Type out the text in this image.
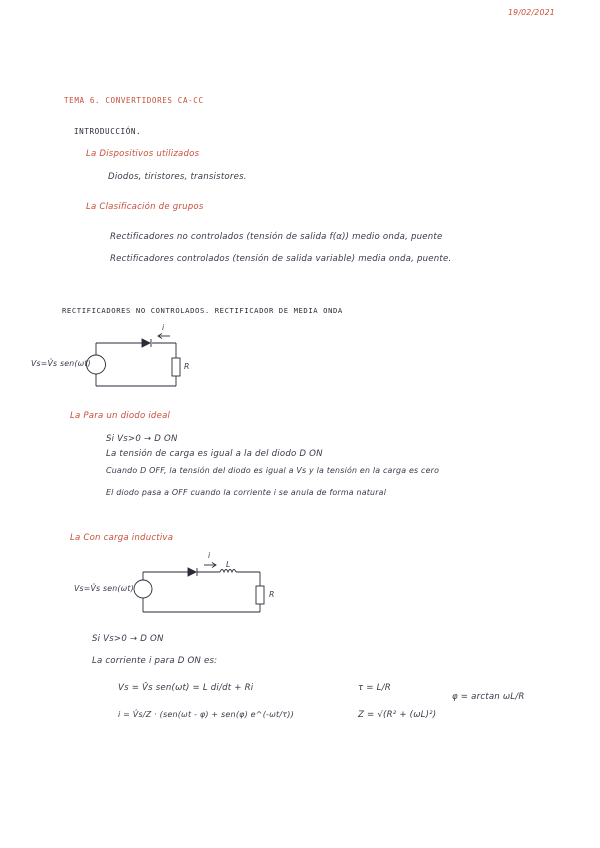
19/02/2021
TEMA 6. CONVERTIDORES CA-CC
INTRODUCCIÓN.
La Dispositivos utilizados
Diodos, tiristores, transistores.
La Clasificación de grupos
Rectificadores no controlados (tensión de salida f(α)) medio onda, puente
Rectificadores controlados (tensión de salida variable) media onda, puente.
RECTIFICADORES NO CONTROLADOS. RECTIFICADOR DE MEDIA ONDA
Vs=V̂s sen(ωt)
i
R
La Para un diodo ideal
Si Vs>0 → D ON
La tensión de carga es igual a la del diodo D ON
Cuando D OFF, la tensión del diodo es igual a Vs y la tensión en la carga es cero
El diodo pasa a OFF cuando la corriente i se anula de forma natural
La Con carga inductiva
Vs=V̂s sen(ωt)
i
L
R
Si Vs>0 → D ON
La corriente i para D ON es:
Vs = V̂s sen(ωt) = L di/dt + Ri
i = V̂s/Z · (sen(ωt - φ) + sen(φ) e^(-ωt/τ))
τ = L/R
Z = √(R² + (ωL)²)
φ = arctan ωL/R
